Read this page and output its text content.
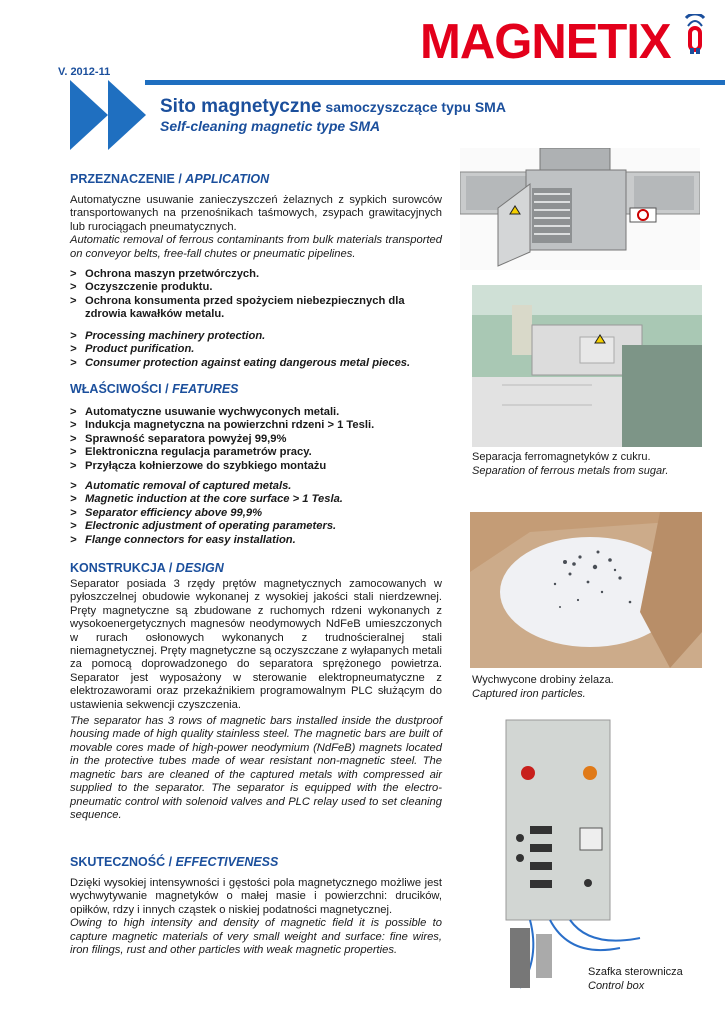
MAGNETIX
V. 2012-11
Sito magnetyczne samoczyszczące typu SMA
Self-cleaning magnetic type SMA
PRZEZNACZENIE / APPLICATION

Automatyczne usuwanie zanieczyszczeń żelaznych z sypkich surowców transportowanych na przenośnikach taśmowych, zsypach grawitacyjnych lub rurociągach pneumatycznych.

Automatic removal of ferrous contaminants from bulk materials transported on conveyor belts, free-fall chutes or pneumatic pipelines.

> Ochrona maszyn przetwórczych.
> Oczyszczenie produktu.
> Ochrona konsumenta przed spożyciem niebezpiecznych dla zdrowia kawałków metalu.
> Processing machinery protection.
> Product purification.
> Consumer protection against eating dangerous metal pieces.
WŁAŚCIWOŚCI / FEATURES
> Automatyczne usuwanie wychwyconych metali.
> Indukcja magnetyczna na powierzchni rdzeni > 1 Tesli.
> Sprawność separatora powyżej 99,9%
> Elektroniczna regulacja parametrów pracy.
> Przyłącza kołnierzowe do szybkiego montażu
> Automatic removal of captured metals.
> Magnetic induction at the core surface > 1 Tesla.
> Separator efficiency above 99,9%
> Electronic adjustment of operating parameters.
> Flange connectors for easy installation.
KONSTRUKCJA / DESIGN

Separator posiada 3 rzędy prętów magnetycznych zamocowanych w pyłoszczelnej obudowie wykonanej z wysokiej jakości stali nierdzewnej. Pręty magnetyczne są zbudowane z ruchomych rdzeni wykonanych z wysokoenergetycznych magnesów neodymowych NdFeB umieszczonych w rurach osłonowych wykonanych z trudnościeralnej stali niemagnetycznej. Pręty magnetyczne są oczyszczane z wyłapanych metali za pomocą doprowadzonego do separatora sprężonego powietrza. Separator jest wyposażony w sterowanie elektropneumatyczne z elektrozaworami oraz przekaźnikiem programowalnym PLC służącym do ustawienia sekwencji czyszczenia.

The separator has 3 rows of magnetic bars installed inside the dustproof housing made of high quality stainless steel. The magnetic bars are built of movable cores made of high-power neodymium (NdFeB) magnets located in the protective tubes made of wear resistant non-magnetic steel. The magnetic bars are cleaned of the captured metals with compressed air supplied to the separator. The separator is equipped with the electro-pneumatic control with solenoid valves and PLC relay used to set cleaning sequence.

SKUTECZNOŚĆ / EFFECTIVENESS

Dzięki wysokiej intensywności i gęstości pola magnetycznego możliwe jest wychwytywanie magnetyków o małej masie i powierzchni: drucików, opiłków, rdzy i innych cząstek o niskiej podatności magnetycznej.

Owing to high intensity and density of magnetic field it is possible to capture magnetic materials of very small weight and surface: fine wires, iron filings, rust and other particles with weak magnetic properties.

Separacja ferromagnetyków z cukru.
Separation of ferrous metals from sugar.
Wychwycone drobiny żelaza.
Captured iron particles.
Szafka sterownicza
Control box
